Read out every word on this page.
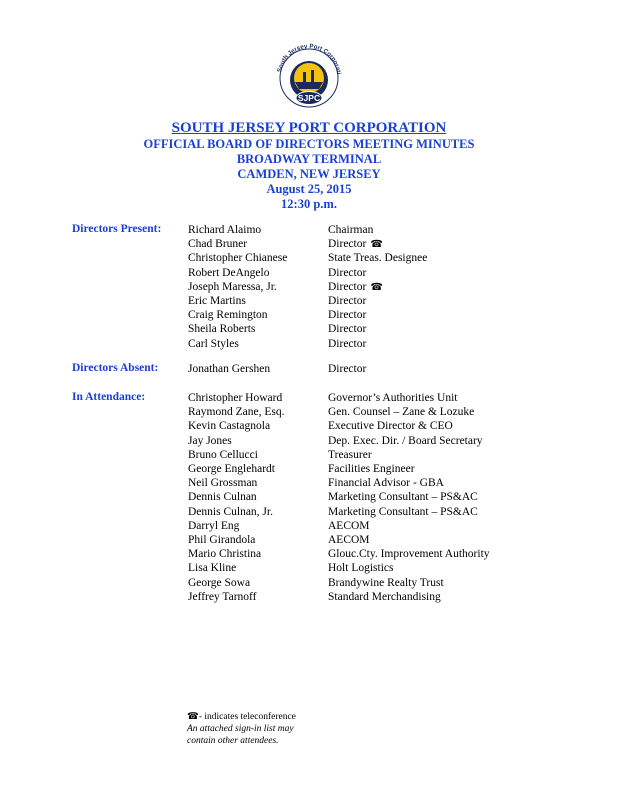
South Jersey Port Corporati
SJPC
SOUTH JERSEY PORT CORPORATION
OFFICIAL BOARD OF DIRECTORS MEETING MINUTES
BROADWAY TERMINAL
CAMDEN, NEW JERSEY
August 25, 2015
12:30 p.m.
Directors Present:	Richard Alaimo	Chairman
Chad Bruner	Director ☎
Christopher Chianese	State Treas. Designee
Robert DeAngelo	Director
Joseph Maressa, Jr.	Director ☎
Eric Martins	Director
Craig Remington	Director
Sheila Roberts	Director
Carl Styles	Director
Directors Absent:	Jonathan Gershen	Director
In Attendance:	Christopher Howard	Governor’s Authorities Unit
Raymond Zane, Esq.	Gen. Counsel – Zane & Lozuke
Kevin Castagnola	Executive Director & CEO
Jay Jones	Dep. Exec. Dir. / Board Secretary
Bruno Cellucci	Treasurer
George Englehardt	Facilities Engineer
Neil Grossman	Financial Advisor - GBA
Dennis Culnan	Marketing Consultant – PS&AC
Dennis Culnan, Jr.	Marketing Consultant – PS&AC
Darryl Eng	AECOM
Phil Girandola	AECOM
Mario Christina	Glouc.Cty. Improvement Authority
Lisa Kline	Holt Logistics
George Sowa	Brandywine Realty Trust
Jeffrey Tarnoff	Standard Merchandising
☎- indicates teleconference
An attached sign-in list may contain other attendees.
